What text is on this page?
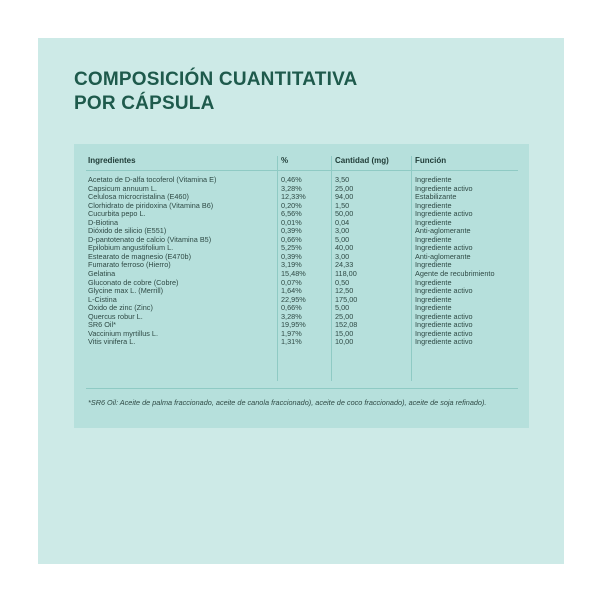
COMPOSICIÓN CUANTITATIVA
POR CÁPSULA
Ingredientes	%	Cantidad (mg)	Función
Acetato de D-alfa tocoferol (Vitamina E)	0,46%	3,50	Ingrediente
Capsicum annuum L.	3,28%	25,00	Ingrediente activo
Celulosa microcristalina (E460)	12,33%	94,00	Estabilizante
Clorhidrato de piridoxina (Vitamina B6)	0,20%	1,50	Ingrediente
Cucurbita pepo L.	6,56%	50,00	Ingrediente activo
D-Biotina	0,01%	0,04	Ingrediente
Dióxido de silicio (E551)	0,39%	3,00	Anti-aglomerante
D-pantotenato de calcio (Vitamina B5)	0,66%	5,00	Ingrediente
Epilobium angustifolium L.	5,25%	40,00	Ingrediente activo
Estearato de magnesio (E470b)	0,39%	3,00	Anti-aglomerante
Fumarato ferroso (Hierro)	3,19%	24,33	Ingrediente
Gelatina	15,48%	118,00	Agente de recubrimiento
Gluconato de cobre (Cobre)	0,07%	0,50	Ingrediente
Glycine max L. (Merrill)	1,64%	12,50	Ingrediente activo
L-Cistina	22,95%	175,00	Ingrediente
Óxido de zinc (Zinc)	0,66%	5,00	Ingrediente
Quercus robur L.	3,28%	25,00	Ingrediente activo
SR6 Oil*	19,95%	152,08	Ingrediente activo
Vaccinium myrtillus L.	1,97%	15,00	Ingrediente activo
Vitis vinifera L.	1,31%	10,00	Ingrediente activo
*SR6 Oil: Aceite de palma fraccionado, aceite de canola fraccionado), aceite de coco fraccionado), aceite de soja refinado).
